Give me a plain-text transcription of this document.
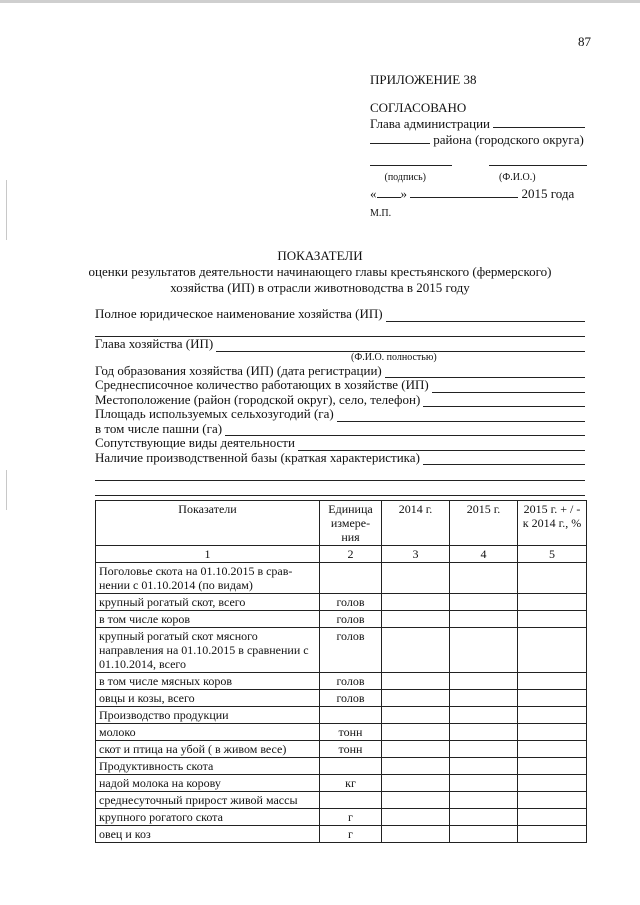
87
ПРИЛОЖЕНИЕ 38
СОГЛАСОВАНО
Глава администрации
района (городского округа)

(подпись)	(Ф.И.О.)
« »	2015 года
М.П.
ПОКАЗАТЕЛИ
оценки результатов деятельности начинающего главы крестьянского (фермерского)
хозяйства (ИП) в отрасли животноводства в 2015 году
Полное юридическое наименование хозяйства (ИП)
Глава хозяйства (ИП)
(Ф.И.О. полностью)
Год образования хозяйства (ИП) (дата регистрации)
Среднесписочное количество работающих в хозяйстве (ИП)
Местоположение (район (городской округ), село, телефон)
Площадь используемых сельхозугодий (га)
в том числе пашни (га)
Сопутствующие виды деятельности
Наличие производственной базы (краткая характеристика)
Показатели	Единица измере-ния	2014 г.	2015 г.	2015 г. + / - к 2014 г., %
1	2	3	4	5
Поголовье скота на 01.10.2015 в срав-нении с 01.10.2014 (по видам)				
крупный рогатый скот, всего	голов			
в том числе коров	голов			
крупный рогатый скот мясного направления на 01.10.2015 в сравнении с 01.10.2014, всего	голов			
в том числе мясных коров	голов			
овцы и козы, всего	голов			
Производство продукции				
молоко	тонн			
скот и птица на убой ( в живом весе)	тонн			
Продуктивность скота				
надой молока на корову	кг			
среднесуточный прирост живой массы				
крупного рогатого скота	г			
овец и коз	г			
